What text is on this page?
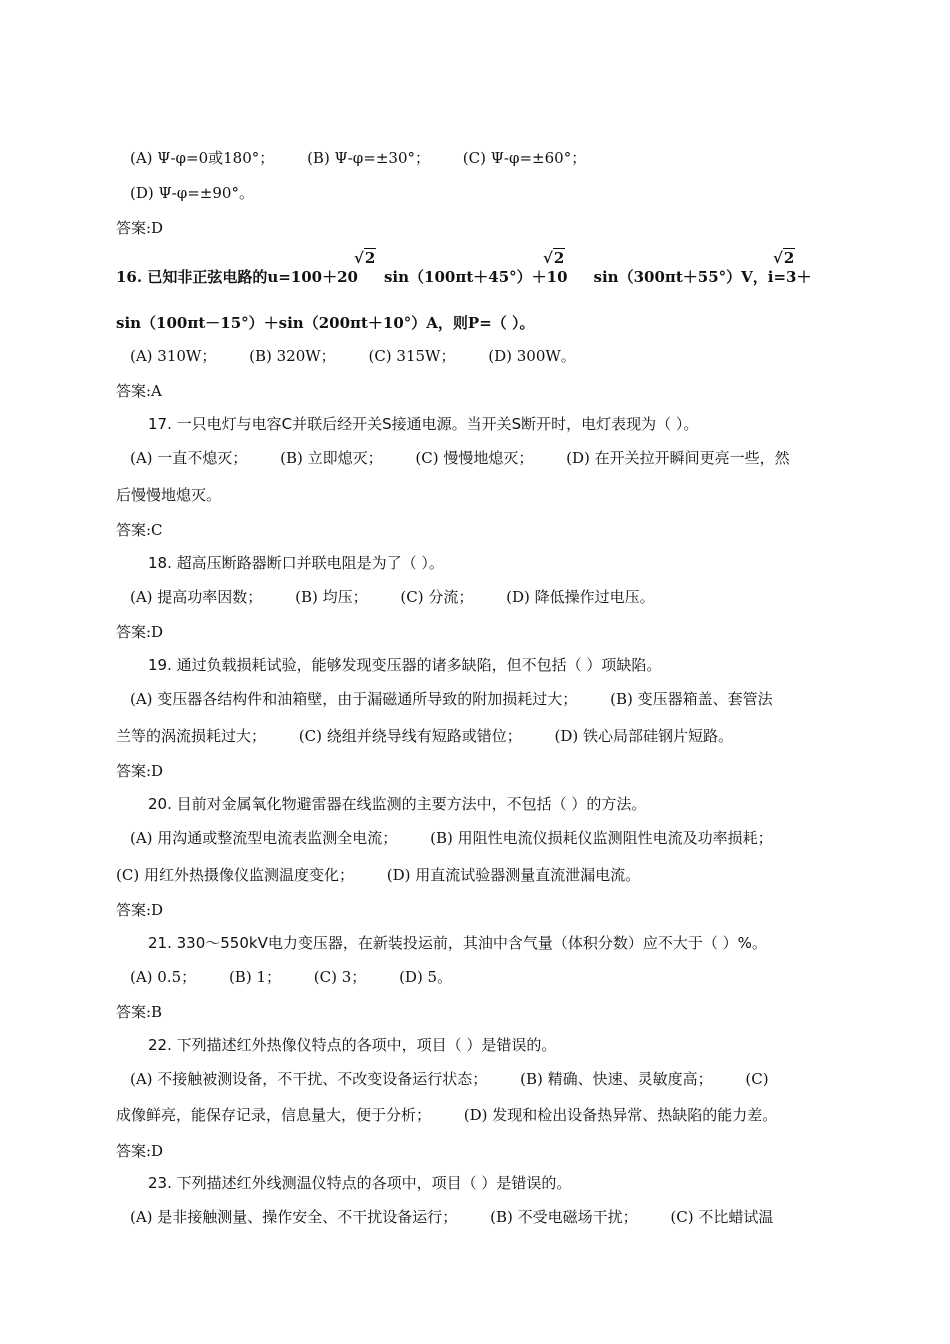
(A) Ψ-φ=0或180°； (B) Ψ-φ=±30°； (C) Ψ-φ=±60°；
(D) Ψ-φ=±90°。
答案:D
16. 已知非正弦电路的u=100＋20 sin（100πt＋45°）＋10 sin（300πt＋55°）V，i=3＋
√2	√2	√2
sin（100πt－15°）＋sin（200πt＋10°）A，则P=（ ）。
(A) 310W； (B) 320W； (C) 315W； (D) 300W。
答案:A
17. 一只电灯与电容C并联后经开关S接通电源。当开关S断开时，电灯表现为（ ）。
(A) 一直不熄灭； (B) 立即熄灭； (C) 慢慢地熄灭； (D) 在开关拉开瞬间更亮一些，然
后慢慢地熄灭。
答案:C
18. 超高压断路器断口并联电阻是为了（ ）。
(A) 提高功率因数； (B) 均压； (C) 分流； (D) 降低操作过电压。
答案:D
19. 通过负载损耗试验，能够发现变压器的诸多缺陷，但不包括（ ）项缺陷。
(A) 变压器各结构件和油箱壁，由于漏磁通所导致的附加损耗过大； (B) 变压器箱盖、套管法
兰等的涡流损耗过大； (C) 绕组并绕导线有短路或错位； (D) 铁心局部硅钢片短路。
答案:D
20. 目前对金属氧化物避雷器在线监测的主要方法中，不包括（ ）的方法。
(A) 用沟通或整流型电流表监测全电流； (B) 用阻性电流仪损耗仪监测阻性电流及功率损耗；
(C) 用红外热摄像仪监测温度变化； (D) 用直流试验器测量直流泄漏电流。
答案:D
21. 330～550kV电力变压器，在新装投运前，其油中含气量（体积分数）应不大于（ ）%。
(A) 0.5； (B) 1； (C) 3； (D) 5。
答案:B
22. 下列描述红外热像仪特点的各项中，项目（ ）是错误的。
(A) 不接触被测设备，不干扰、不改变设备运行状态； (B) 精确、快速、灵敏度高； (C)
成像鲜亮，能保存记录，信息量大，便于分析； (D) 发现和检出设备热异常、热缺陷的能力差。
答案:D
23. 下列描述红外线测温仪特点的各项中，项目（ ）是错误的。
(A) 是非接触测量、操作安全、不干扰设备运行； (B) 不受电磁场干扰； (C) 不比蜡试温
